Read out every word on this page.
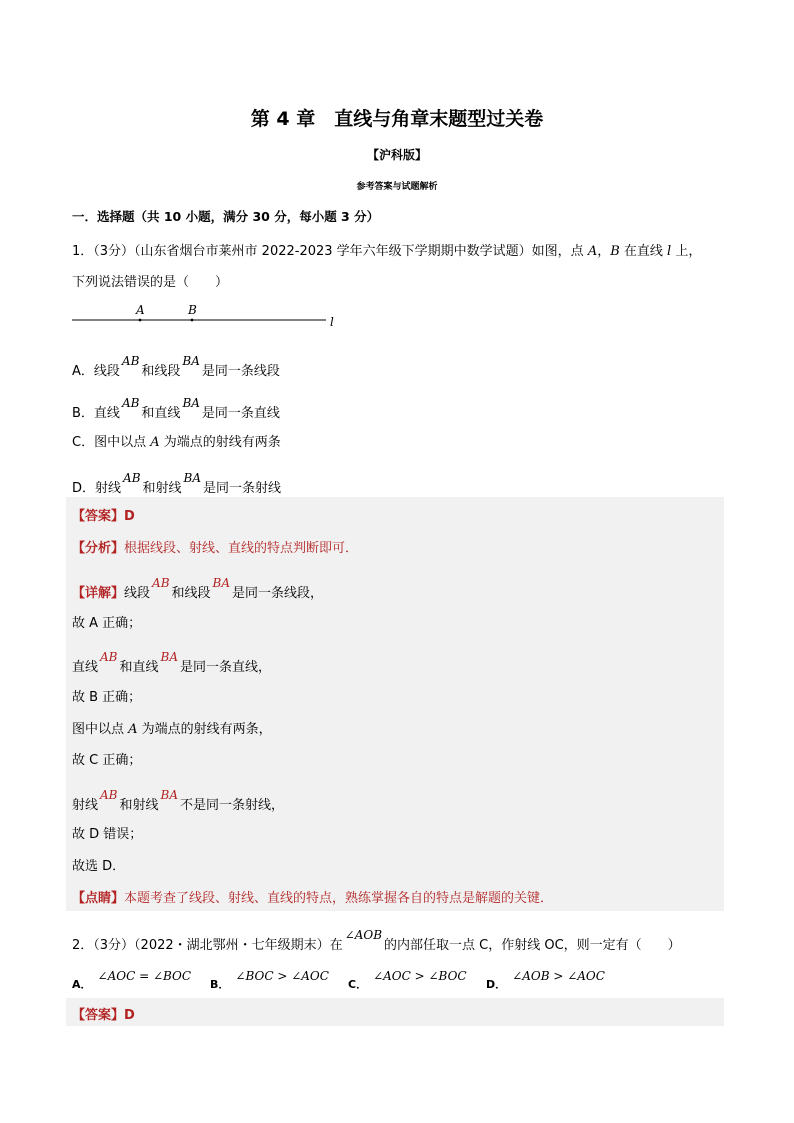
第 4 章　直线与角章末题型过关卷
【沪科版】
参考答案与试题解析
一．选择题（共 10 小题，满分 30 分，每小题 3 分）
1．（3分）（山东省烟台市莱州市 2022-2023 学年六年级下学期期中数学试题）如图，点 A，B 在直线 l 上，
下列说法错误的是（　　）
A	B
l
A．线段AB和线段BA是同一条线段
B．直线AB和直线BA是同一条直线
C．图中以点 A 为端点的射线有两条
D．射线AB和射线BA是同一条射线
【答案】D
【分析】根据线段、射线、直线的特点判断即可．
【详解】线段AB和线段BA是同一条线段，
故 A 正确；
直线AB和直线BA是同一条直线，
故 B 正确；
图中以点 A 为端点的射线有两条，
故 C 正确；
射线AB和射线BA不是同一条射线，
故 D 错误；
故选 D．
【点睛】本题考查了线段、射线、直线的特点，熟练掌握各自的特点是解题的关键．
2．（3分）（2022・湖北鄂州・七年级期末）在∠AOB的内部任取一点 C，作射线 OC，则一定有（　　）
A．∠AOC = ∠BOC
B．∠BOC > ∠AOC
C．∠AOC > ∠BOC
D．∠AOB > ∠AOC
【答案】D
